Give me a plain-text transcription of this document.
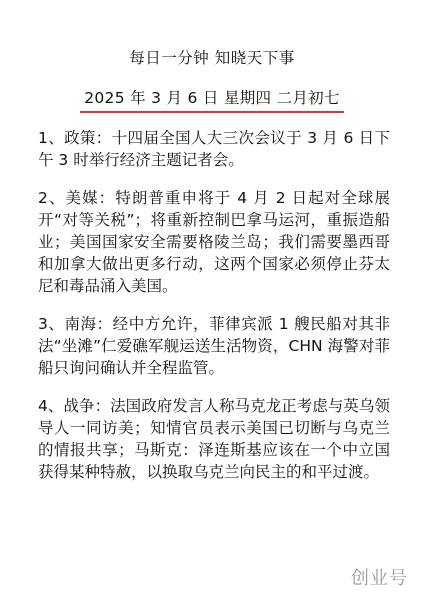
每日一分钟 知晓天下事
2025 年 3 月 6 日 星期四 二月初七

1、政策：十四届全国人大三次会议于 3 月 6 日下午 3 时举行经济主题记者会。

2、美媒：特朗普重申将于 4 月 2 日起对全球展开“对等关税”；将重新控制巴拿马运河，重振造船业；美国国家安全需要格陵兰岛；我们需要墨西哥和加拿大做出更多行动，这两个国家必须停止芬太尼和毒品涌入美国。

3、南海：经中方允许，菲律宾派 1 艘民船对其非法“坐滩”仁爱礁军舰运送生活物资，CHN 海警对菲船只询问确认并全程监管。

4、战争：法国政府发言人称马克龙正考虑与英乌领导人一同访美；知情官员表示美国已切断与乌克兰的情报共享；马斯克：泽连斯基应该在一个中立国获得某种特赦，以换取乌克兰向民主的和平过渡。

创业号
